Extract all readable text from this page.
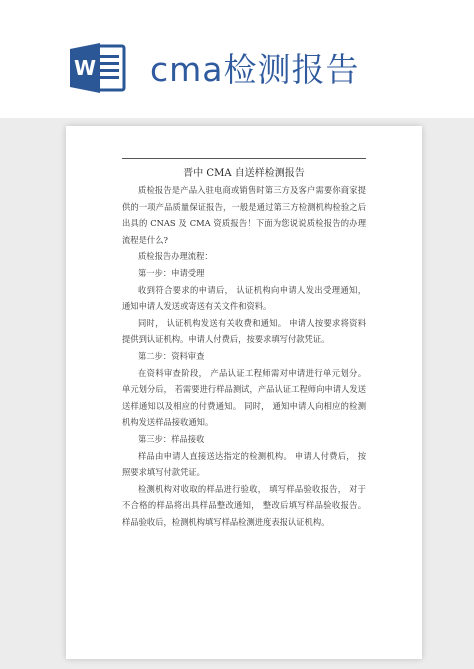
W cma检测报告
晋中 CMA 自送样检测报告

质检报告是产品入驻电商或销售时第三方及客户需要你商家提供的一项产品质量保证报告，一般是通过第三方检测机构检验之后出具的 CNAS 及 CMA 资质报告！下面为您说说质检报告的办理流程是什么?

质检报告办理流程：

第一步：申请受理

收到符合要求的申请后， 认证机构向申请人发出受理通知， 通知申请人发送或寄送有关文件和资料。

同时， 认证机构发送有关收费和通知。 申请人按要求将资料提供到认证机构。申请人付费后，按要求填写付款凭证。

第二步：资料审查

在资料审查阶段， 产品认证工程师需对申请进行单元划分。 单元划分后， 若需要进行样品测试，产品认证工程师向申请人发送送样通知以及相应的付费通知。 同时， 通知申请人向相应的检测机构发送样品接收通知。

第三步：样品接收

样品由申请人直接送达指定的检测机构。 申请人付费后， 按照要求填写付款凭证。

检测机构对收取的样品进行验收， 填写样品验收报告， 对于不合格的样品将出具样品整改通知， 整改后填写样品验收报告。 样品验收后，检测机构填写样品检测进度表报认证机构。
